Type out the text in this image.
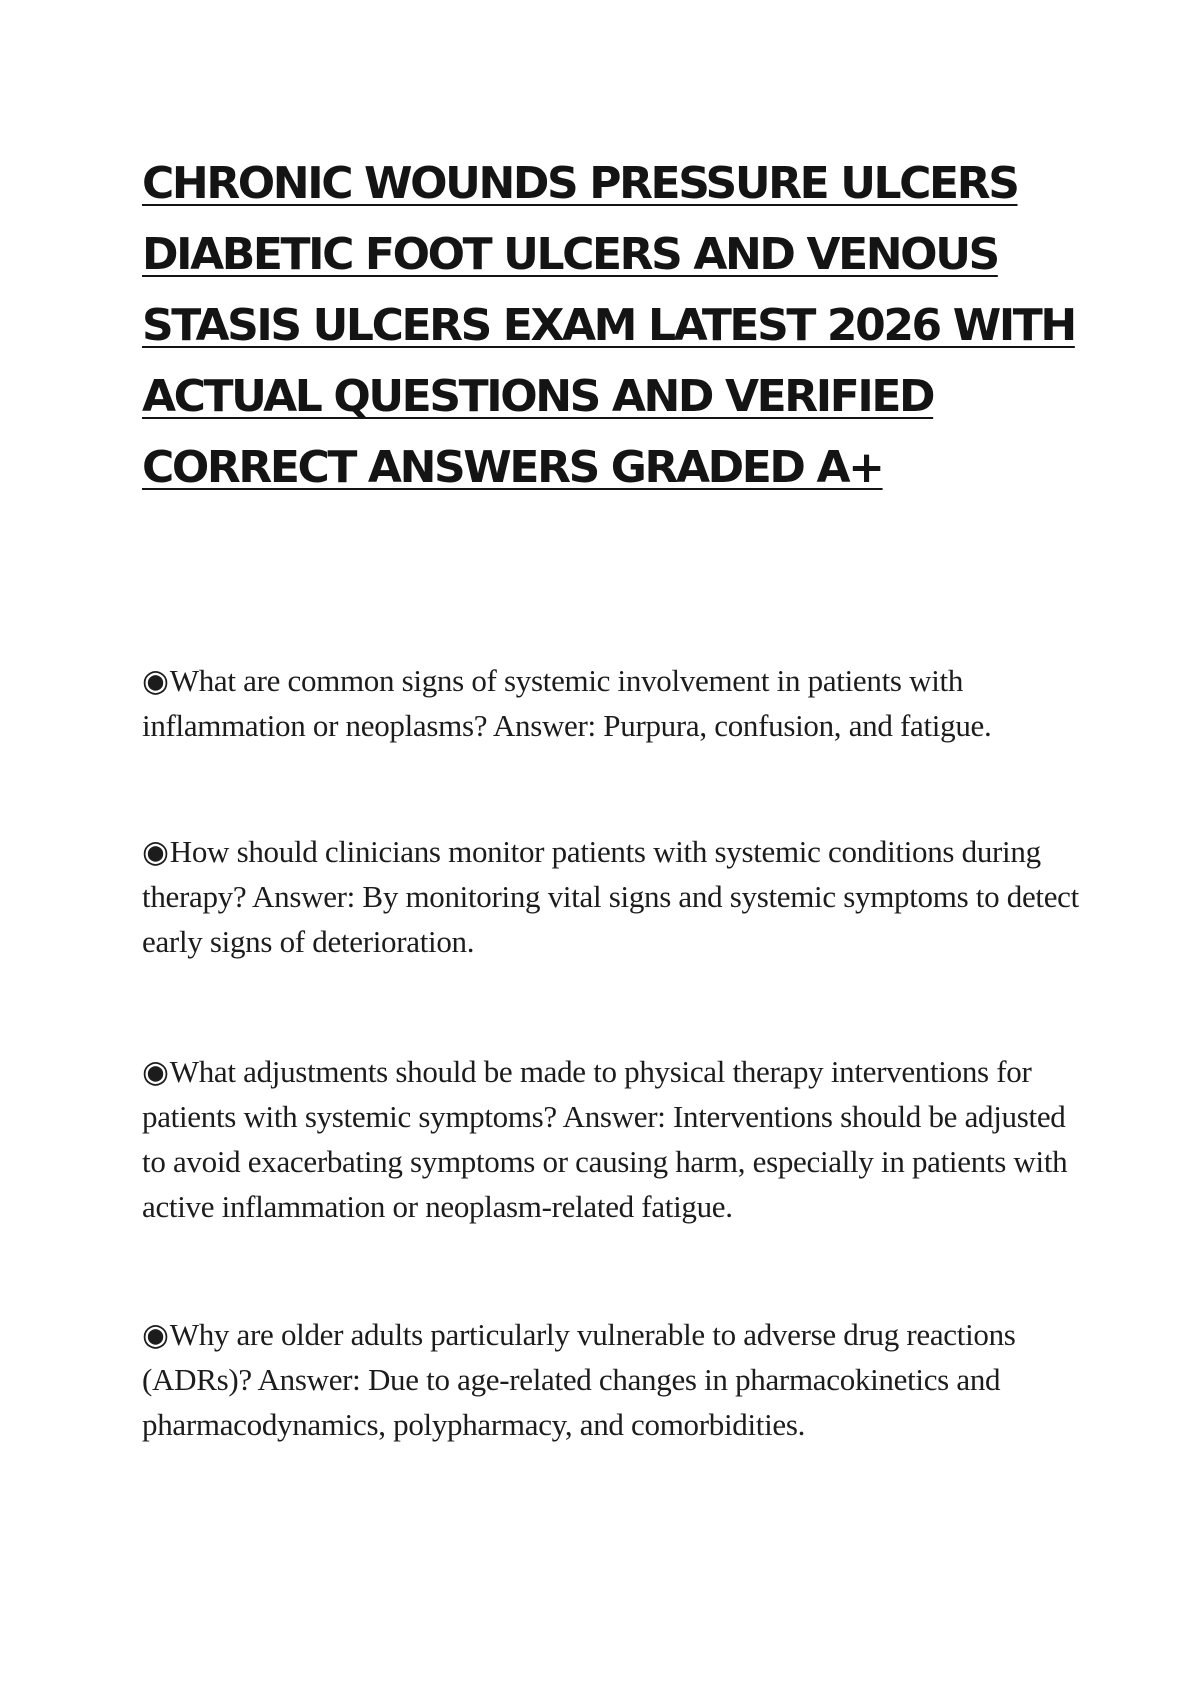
CHRONIC WOUNDS PRESSURE ULCERS DIABETIC FOOT ULCERS AND VENOUS STASIS ULCERS EXAM LATEST 2026 WITH ACTUAL QUESTIONS AND VERIFIED CORRECT ANSWERS GRADED A+
◉What are common signs of systemic involvement in patients with inflammation or neoplasms? Answer: Purpura, confusion, and fatigue.
◉How should clinicians monitor patients with systemic conditions during therapy? Answer: By monitoring vital signs and systemic symptoms to detect early signs of deterioration.
◉What adjustments should be made to physical therapy interventions for patients with systemic symptoms? Answer: Interventions should be adjusted to avoid exacerbating symptoms or causing harm, especially in patients with active inflammation or neoplasm-related fatigue.
◉Why are older adults particularly vulnerable to adverse drug reactions (ADRs)? Answer: Due to age-related changes in pharmacokinetics and pharmacodynamics, polypharmacy, and comorbidities.
